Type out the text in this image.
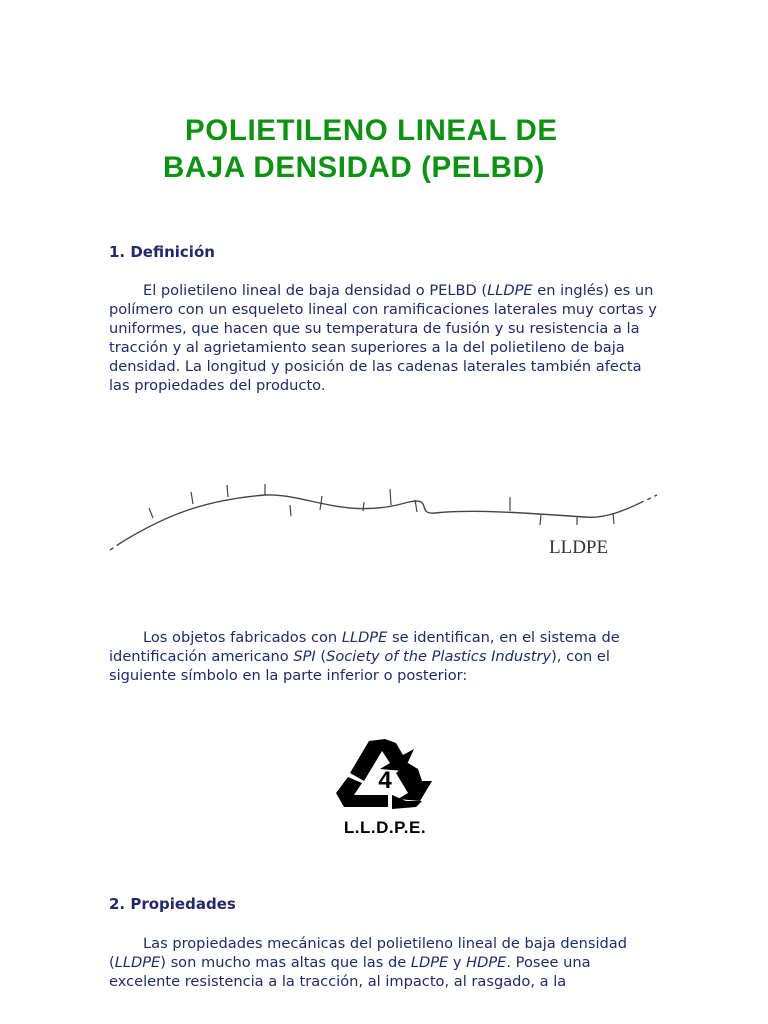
POLIETILENO LINEAL DE
BAJA DENSIDAD (PELBD)
1. Definición
El polietileno lineal de baja densidad o PELBD (LLDPE en inglés) es un polímero con un esqueleto lineal con ramificaciones laterales muy cortas y uniformes, que hacen que su temperatura de fusión y su resistencia a la tracción y al agrietamiento sean superiores a la del polietileno de baja densidad. La longitud y posición de las cadenas laterales también afecta las propiedades del producto.
LLDPE
Los objetos fabricados con LLDPE se identifican, en el sistema de identificación americano SPI (Society of the Plastics Industry), con el siguiente símbolo en la parte inferior o posterior:
4
L.L.D.P.E.
2. Propiedades
Las propiedades mecánicas del polietileno lineal de baja densidad (LLDPE) son mucho mas altas que las de LDPE y HDPE. Posee una excelente resistencia a la tracción, al impacto, al rasgado, a la
